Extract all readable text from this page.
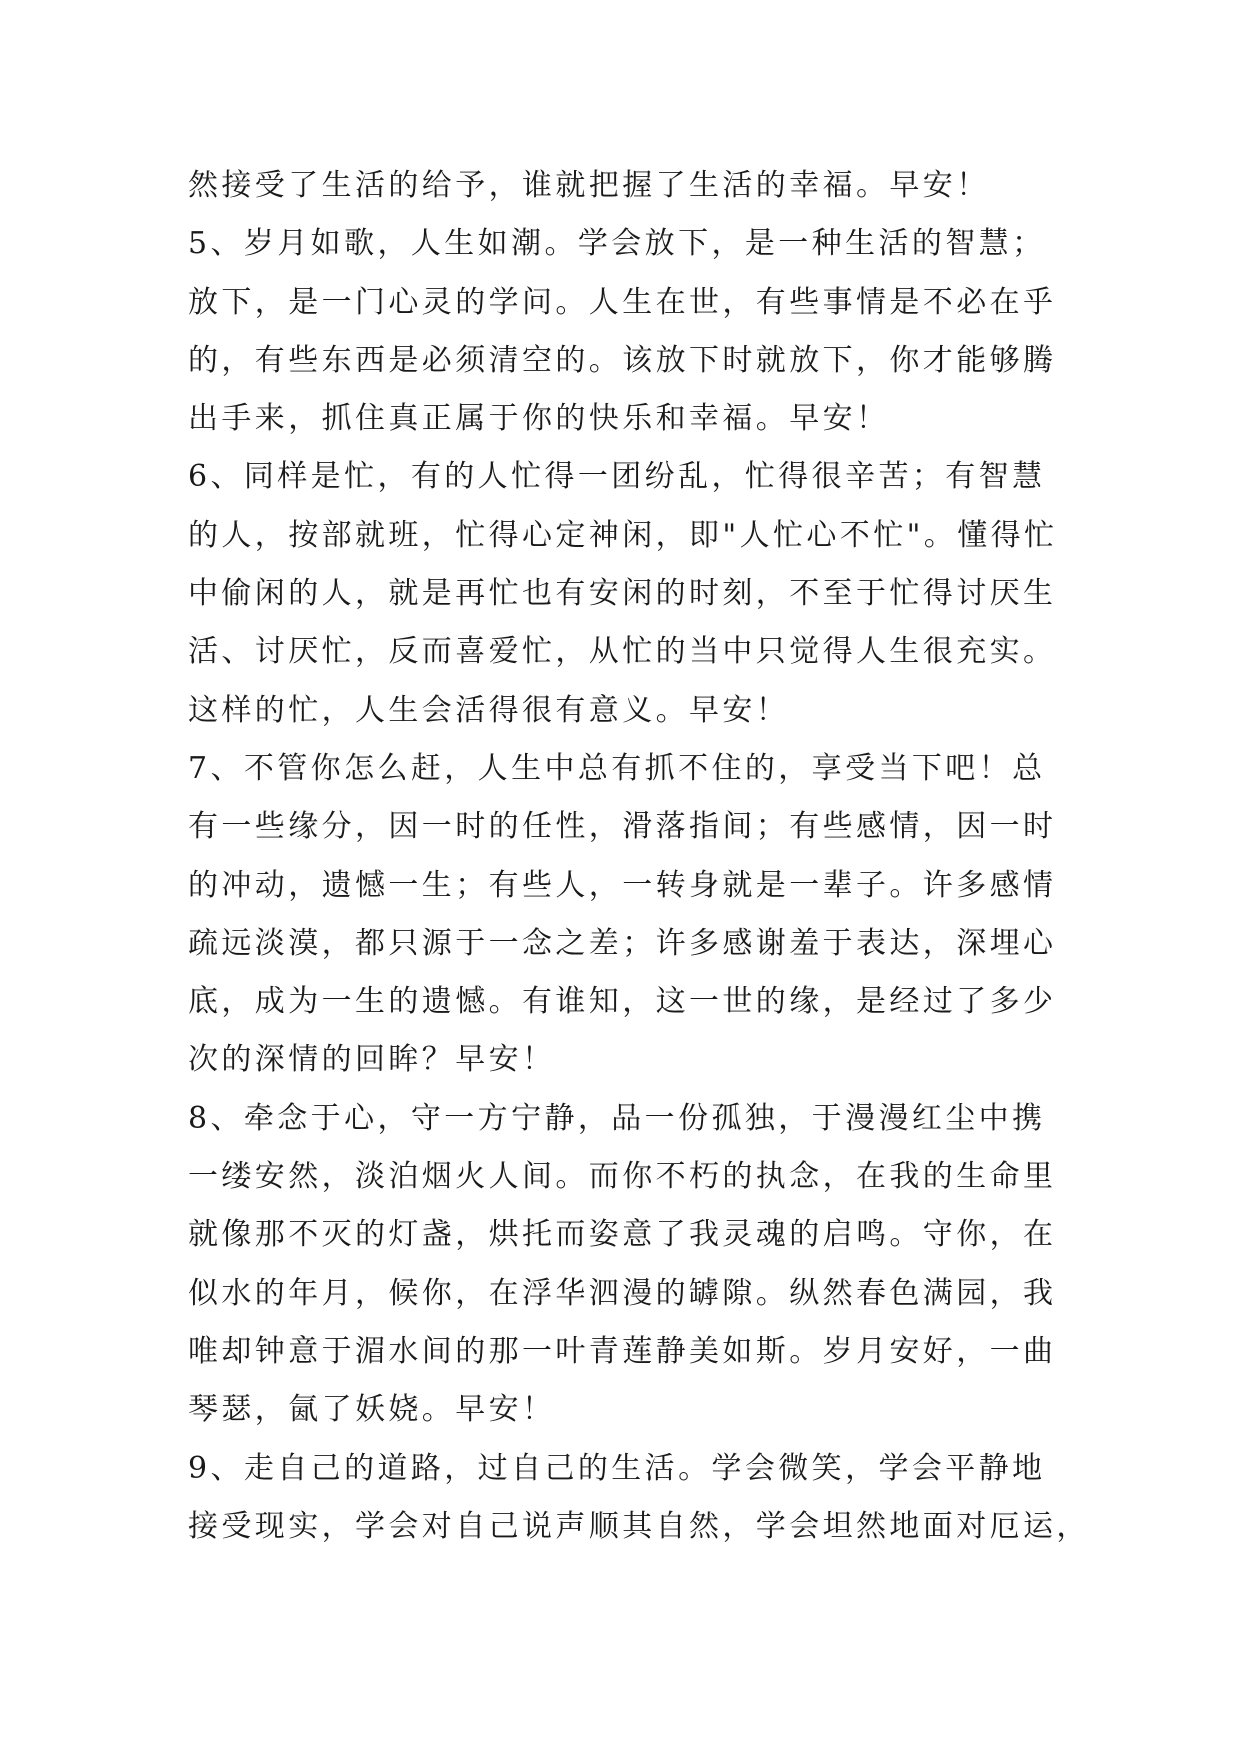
然接受了生活的给予，谁就把握了生活的幸福。早安！
5、岁月如歌，人生如潮。学会放下，是一种生活的智慧；
放下，是一门心灵的学问。人生在世，有些事情是不必在乎
的，有些东西是必须清空的。该放下时就放下，你才能够腾
出手来，抓住真正属于你的快乐和幸福。早安！
6、同样是忙，有的人忙得一团纷乱，忙得很辛苦；有智慧
的人，按部就班，忙得心定神闲，即"人忙心不忙"。懂得忙
中偷闲的人，就是再忙也有安闲的时刻，不至于忙得讨厌生
活、讨厌忙，反而喜爱忙，从忙的当中只觉得人生很充实。
这样的忙，人生会活得很有意义。早安！
7、不管你怎么赶，人生中总有抓不住的，享受当下吧！总
有一些缘分，因一时的任性，滑落指间；有些感情，因一时
的冲动，遗憾一生；有些人，一转身就是一辈子。许多感情
疏远淡漠，都只源于一念之差；许多感谢羞于表达，深埋心
底，成为一生的遗憾。有谁知，这一世的缘，是经过了多少
次的深情的回眸？早安！
8、牵念于心，守一方宁静，品一份孤独，于漫漫红尘中携
一缕安然，淡泊烟火人间。而你不朽的执念，在我的生命里
就像那不灭的灯盏，烘托而姿意了我灵魂的启鸣。守你，在
似水的年月，候你，在浮华泗漫的罅隙。纵然春色满园，我
唯却钟意于湄水间的那一叶青莲静美如斯。岁月安好，一曲
琴瑟，氤了妖娆。早安！
9、走自己的道路，过自己的生活。学会微笑，学会平静地
接受现实，学会对自己说声顺其自然，学会坦然地面对厄运，
